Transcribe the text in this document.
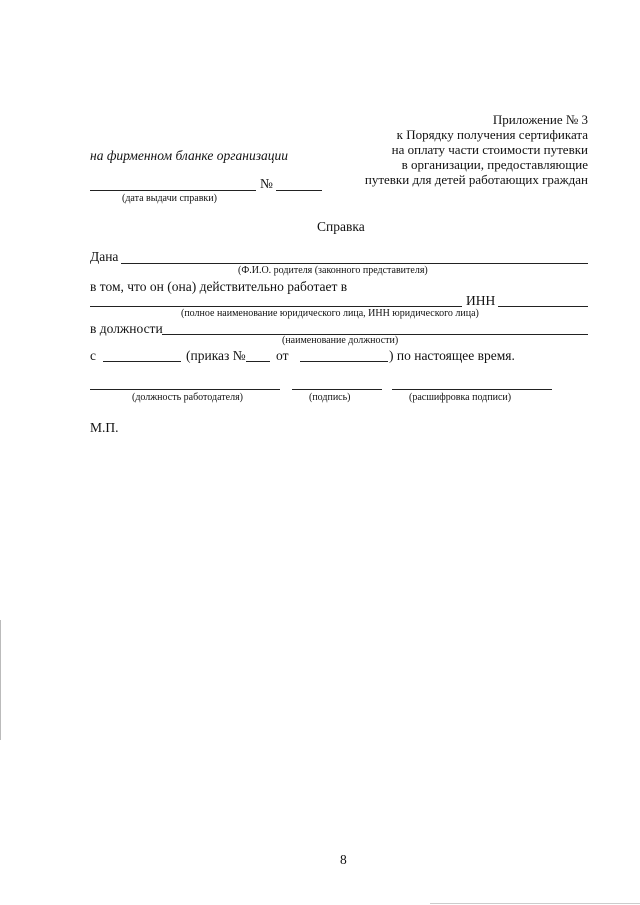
Приложение № 3
к Порядку получения сертификата
на оплату части стоимости путевки
в организации, предоставляющие
путевки для детей работающих граждан
на фирменном бланке организации
№
(дата выдачи справки)
Справка
Дана
(Ф.И.О. родителя (законного представителя)
в том, что он (она) действительно работает в
ИНН
(полное наименование юридического лица, ИНН юридического лица)
в должности
(наименование должности)
с	(приказ № от	) по настоящее время.
(должность работодателя)	(подпись)	(расшифровка подписи)
М.П.
8
